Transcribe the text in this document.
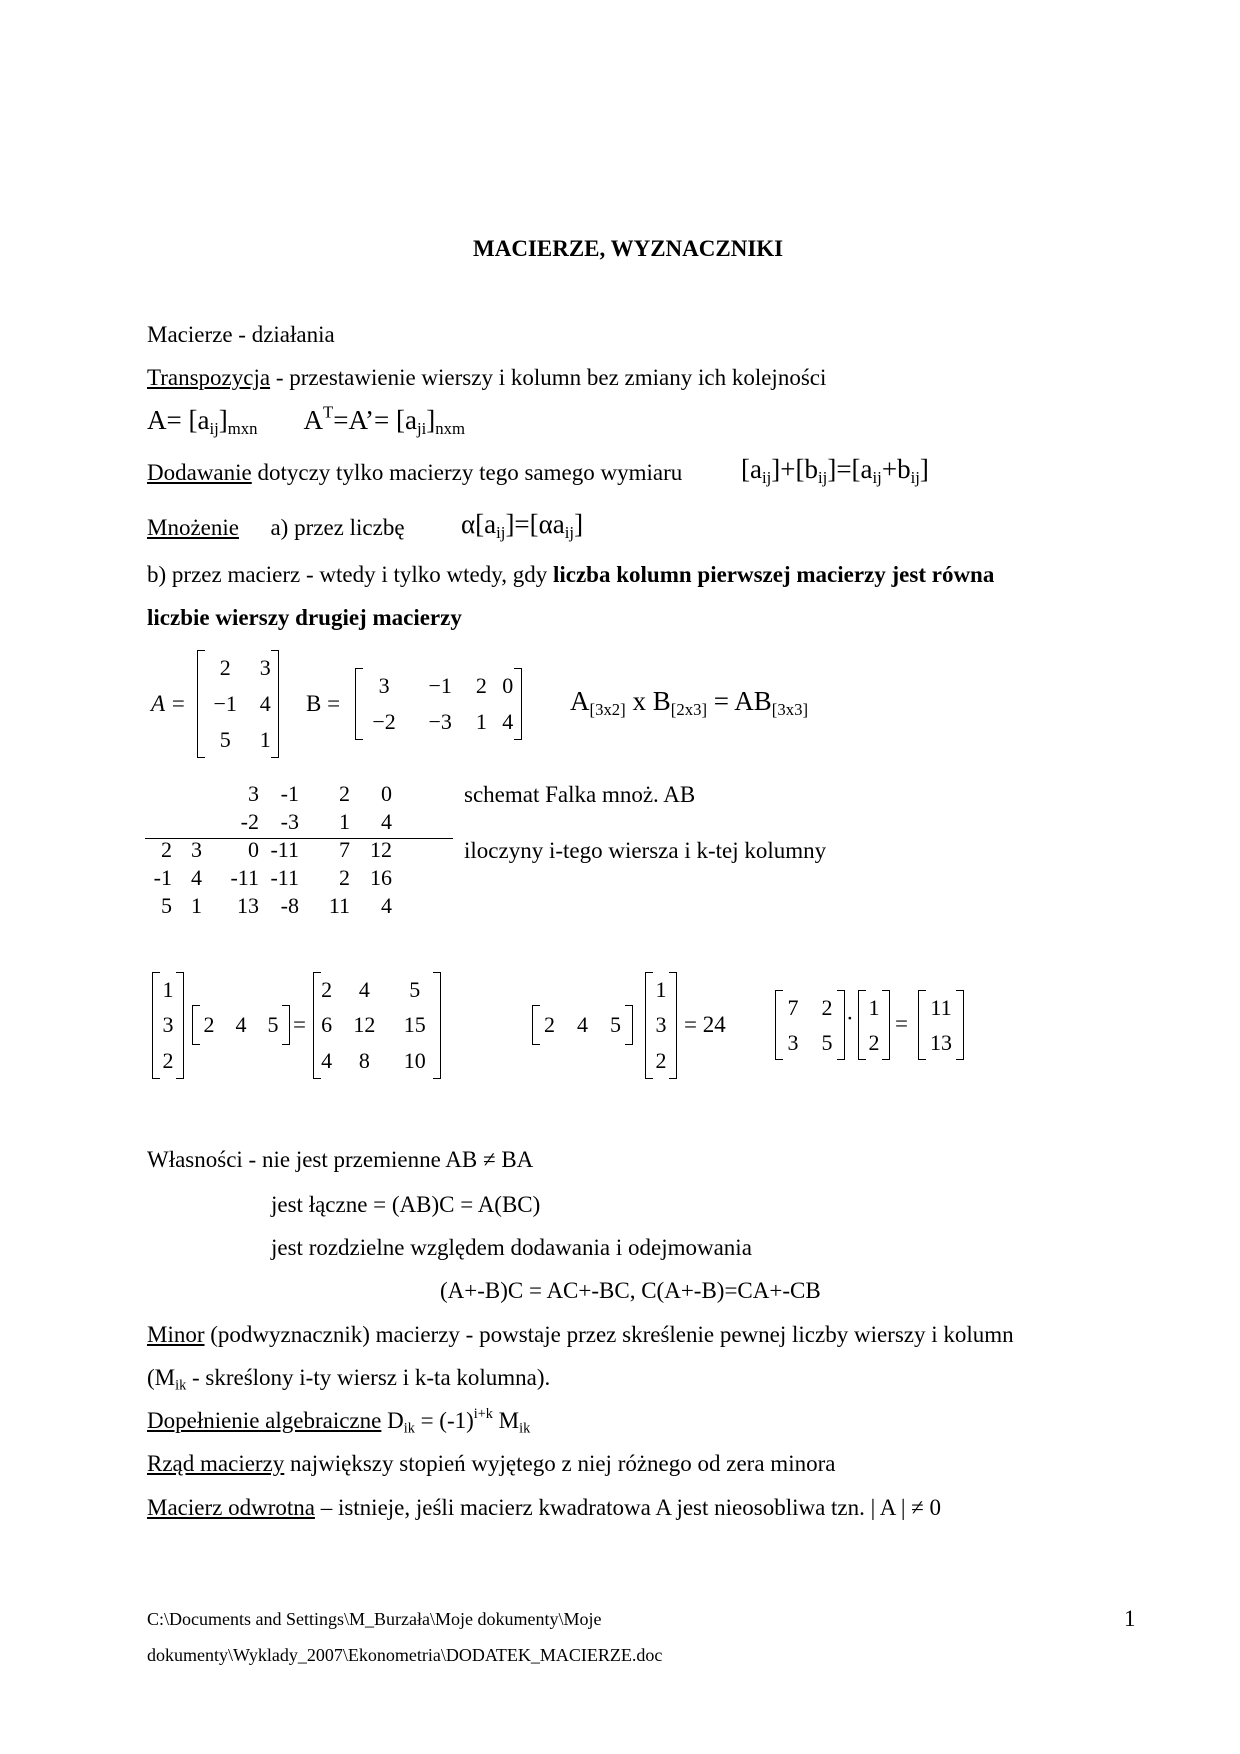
MACIERZE, WYZNACZNIKI
Macierze - działania
Transpozycja - przestawienie wierszy i kolumn bez zmiany ich kolejności
$A= [a_{ij}]_{mxn}$ $A^T=A’= [a_{ji}]_{nxm}$
Dodawanie dotyczy tylko macierzy tego samego wymiaru $[a_{ij}]+[b_{ij}]=[a_{ij}+b_{ij}]$
Mnożenie a) przez liczbę $\alpha[a_{ij}]=[\alpha a_{ij}]$
b) przez macierz - wtedy i tylko wtedy, gdy liczba kolumn pierwszej macierzy jest równa
liczbie wierszy drugiej macierzy
A =
2	3
−1	4
5	1
B =
3	−1	2	0
−2	−3	1	4
$A_{[3x2]}$ x $B_{[2x3]} = AB_{[3x3]}$
		3	-1	2	0
		-2	-3	1	4
2	3	0	-11	7	12
-1	4	-11	-11	2	16
5	1	13	-8	11	4
schemat Falka mnoż. AB
iloczyny i-tego wiersza i k-tej kolumny
1
3
2
2	4	5 =
2	4	5
6	12	15
4	8	10
2	4	5
1
3
2
= 24
7	2
3	5
· 1
2
=
11
13
Własności - nie jest przemienne AB ≠ BA
jest łączne = (AB)C = A(BC)
jest rozdzielne względem dodawania i odejmowania
(A+-B)C = AC+-BC, C(A+-B)=CA+-CB
Minor (podwyznacznik) macierzy - powstaje przez skreślenie pewnej liczby wierszy i kolumn
($M_{ik}$ - skreślony i-ty wiersz i k-ta kolumna).
Dopełnienie algebraiczne $D_{ik} = (-1)^{i+k}$ $M_{ik}$
Rząd macierzy największy stopień wyjętego z niej różnego od zera minora
Macierz odwrotna – istnieje, jeśli macierz kwadratowa A jest nieosobliwa tzn. | A | ≠ 0
C:\Documents and Settings\M_Burzała\Moje dokumenty\Moje
dokumenty\Wyklady_2007\Ekonometria\DODATEK_MACIERZE.doc
1
